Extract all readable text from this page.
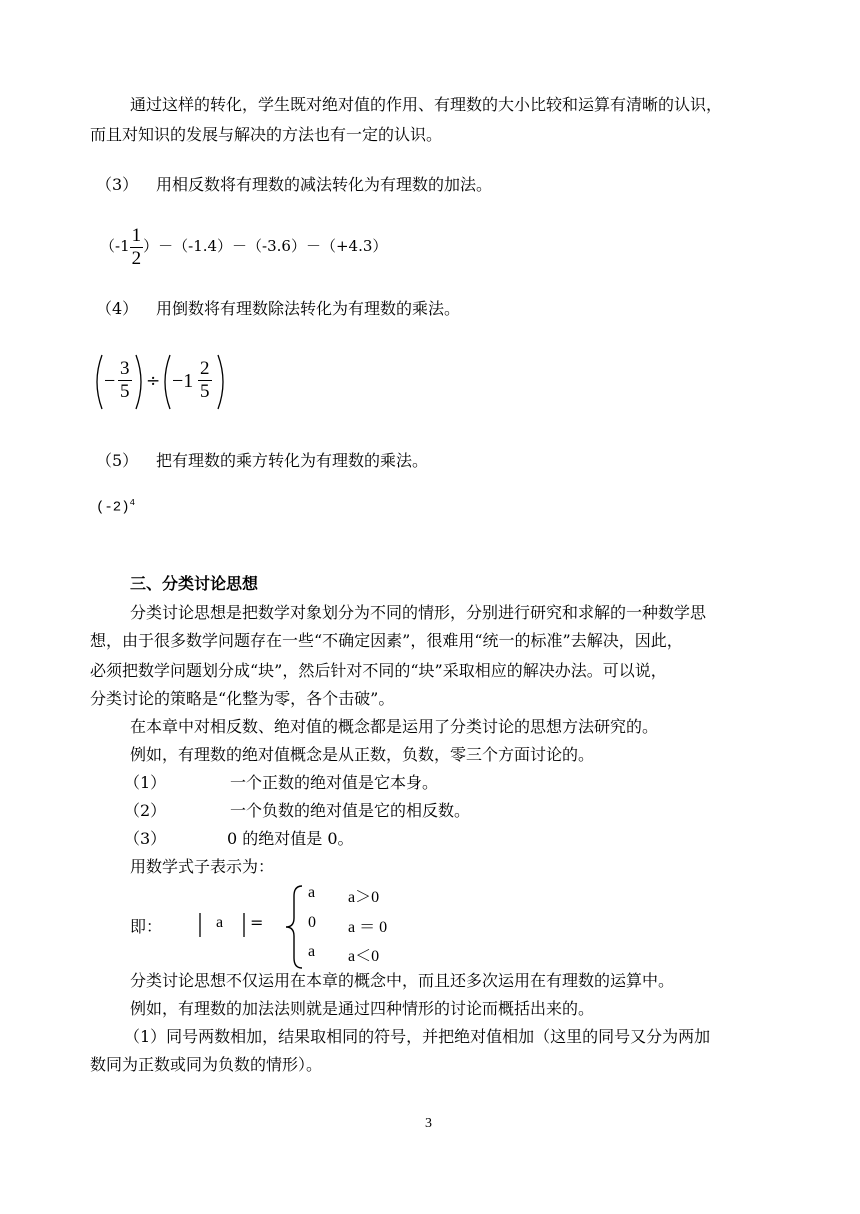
通过这样的转化，学生既对绝对值的作用、有理数的大小比较和运算有清晰的认识，
而且对知识的发展与解决的方法也有一定的认识。
（3） 用相反数将有理数的减法转化为有理数的加法。
$(-1 \frac{1}{2} )-(-1.4)-(-3.6)-(+4.3)$
（4） 用倒数将有理数除法转化为有理数的乘法。
− $\frac{3}{5} \div -1 \frac{2}{5}$
（5） 把有理数的乘方转化为有理数的乘法。
$(-2)^4$
三、分类讨论思想
分类讨论思想是把数学对象划分为不同的情形，分别进行研究和求解的一种数学思
想，由于很多数学问题存在一些“不确定因素”，很难用“统一的标准”去解决，因此，
必须把数学问题划分成“块”，然后针对不同的“块”采取相应的解决办法。可以说，
分类讨论的策略是“化整为零，各个击破”。
在本章中对相反数、绝对值的概念都是运用了分类讨论的思想方法研究的。
例如，有理数的绝对值概念是从正数，负数，零三个方面讨论的。
（1）	一个正数的绝对值是它本身。
（2）	一个负数的绝对值是它的相反数。
（3）	0 的绝对值是 0。
用数学式子表示为：
即：	a =
a a＞0
0 a ＝ 0
a a＜0
分类讨论思想不仅运用在本章的概念中，而且还多次运用在有理数的运算中。
例如，有理数的加法法则就是通过四种情形的讨论而概括出来的。
（1）同号两数相加，结果取相同的符号，并把绝对值相加（这里的同号又分为两加
数同为正数或同为负数的情形）。
3
